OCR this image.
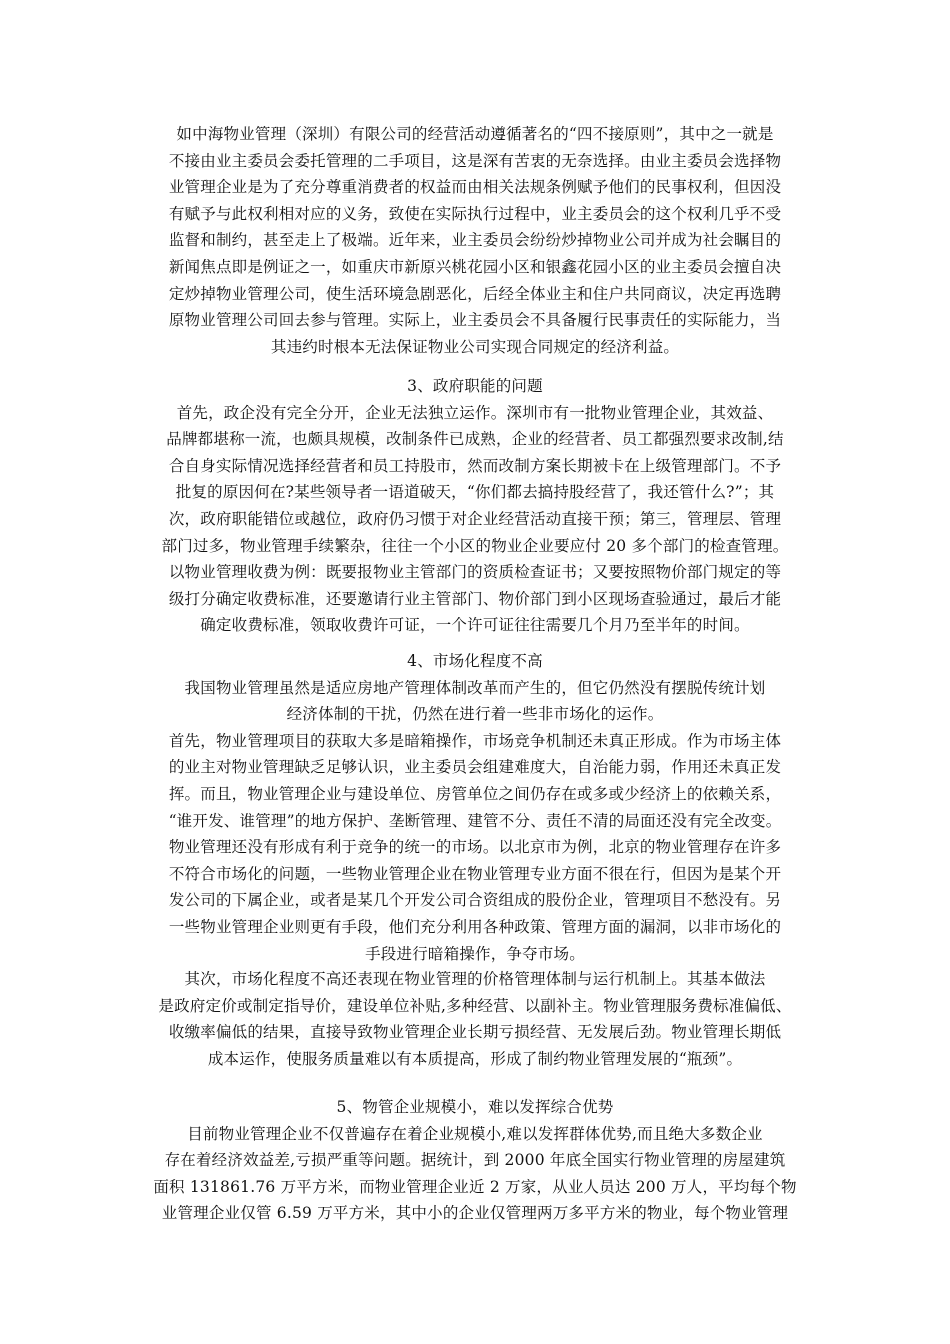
如中海物业管理（深圳）有限公司的经营活动遵循著名的“四不接原则”，其中之一就是
不接由业主委员会委托管理的二手项目，这是深有苦衷的无奈选择。由业主委员会选择物
业管理企业是为了充分尊重消费者的权益而由相关法规条例赋予他们的民事权利，但因没
有赋予与此权利相对应的义务，致使在实际执行过程中，业主委员会的这个权利几乎不受
监督和制约，甚至走上了极端。近年来，业主委员会纷纷炒掉物业公司并成为社会瞩目的
新闻焦点即是例证之一，如重庆市新原兴桃花园小区和银鑫花园小区的业主委员会擅自决
定炒掉物业管理公司，使生活环境急剧恶化，后经全体业主和住户共同商议，决定再选聘
原物业管理公司回去参与管理。实际上，业主委员会不具备履行民事责任的实际能力，当
其违约时根本无法保证物业公司实现合同规定的经济利益。
3、政府职能的问题
首先，政企没有完全分开，企业无法独立运作。深圳市有一批物业管理企业，其效益、
品牌都堪称一流，也颇具规模，改制条件已成熟，企业的经营者、员工都强烈要求改制,结
合自身实际情况选择经营者和员工持股市，然而改制方案长期被卡在上级管理部门。不予
批复的原因何在?某些领导者一语道破天，“你们都去搞持股经营了，我还管什么?”；其
次，政府职能错位或越位，政府仍习惯于对企业经营活动直接干预；第三，管理层、管理
部门过多，物业管理手续繁杂，往往一个小区的物业企业要应付 20 多个部门的检查管理。
以物业管理收费为例：既要报物业主管部门的资质检查证书；又要按照物价部门规定的等
级打分确定收费标准，还要邀请行业主管部门、物价部门到小区现场查验通过，最后才能
确定收费标准，领取收费许可证，一个许可证往往需要几个月乃至半年的时间。
4、市场化程度不高
我国物业管理虽然是适应房地产管理体制改革而产生的，但它仍然没有摆脱传统计划
经济体制的干扰，仍然在进行着一些非市场化的运作。
首先，物业管理项目的获取大多是暗箱操作，市场竞争机制还未真正形成。作为市场主体
的业主对物业管理缺乏足够认识，业主委员会组建难度大，自治能力弱，作用还未真正发
挥。而且，物业管理企业与建设单位、房管单位之间仍存在或多或少经济上的依赖关系，
“谁开发、谁管理”的地方保护、垄断管理、建管不分、责任不清的局面还没有完全改变。
物业管理还没有形成有利于竞争的统一的市场。以北京市为例，北京的物业管理存在许多
不符合市场化的问题，一些物业管理企业在物业管理专业方面不很在行，但因为是某个开
发公司的下属企业，或者是某几个开发公司合资组成的股份企业，管理项目不愁没有。另
一些物业管理企业则更有手段，他们充分利用各种政策、管理方面的漏洞，以非市场化的
手段进行暗箱操作，争夺市场。
其次，市场化程度不高还表现在物业管理的价格管理体制与运行机制上。其基本做法
是政府定价或制定指导价，建设单位补贴,多种经营、以副补主。物业管理服务费标准偏低、
收缴率偏低的结果，直接导致物业管理企业长期亏损经营、无发展后劲。物业管理长期低
成本运作，使服务质量难以有本质提高，形成了制约物业管理发展的“瓶颈”。
5、物管企业规模小，难以发挥综合优势
目前物业管理企业不仅普遍存在着企业规模小,难以发挥群体优势,而且绝大多数企业
存在着经济效益差,亏损严重等问题。据统计，到 2000 年底全国实行物业管理的房屋建筑
面积 131861.76 万平方米，而物业管理企业近 2 万家，从业人员达 200 万人，平均每个物
业管理企业仅管 6.59 万平方米，其中小的企业仅管理两万多平方米的物业，每个物业管理
